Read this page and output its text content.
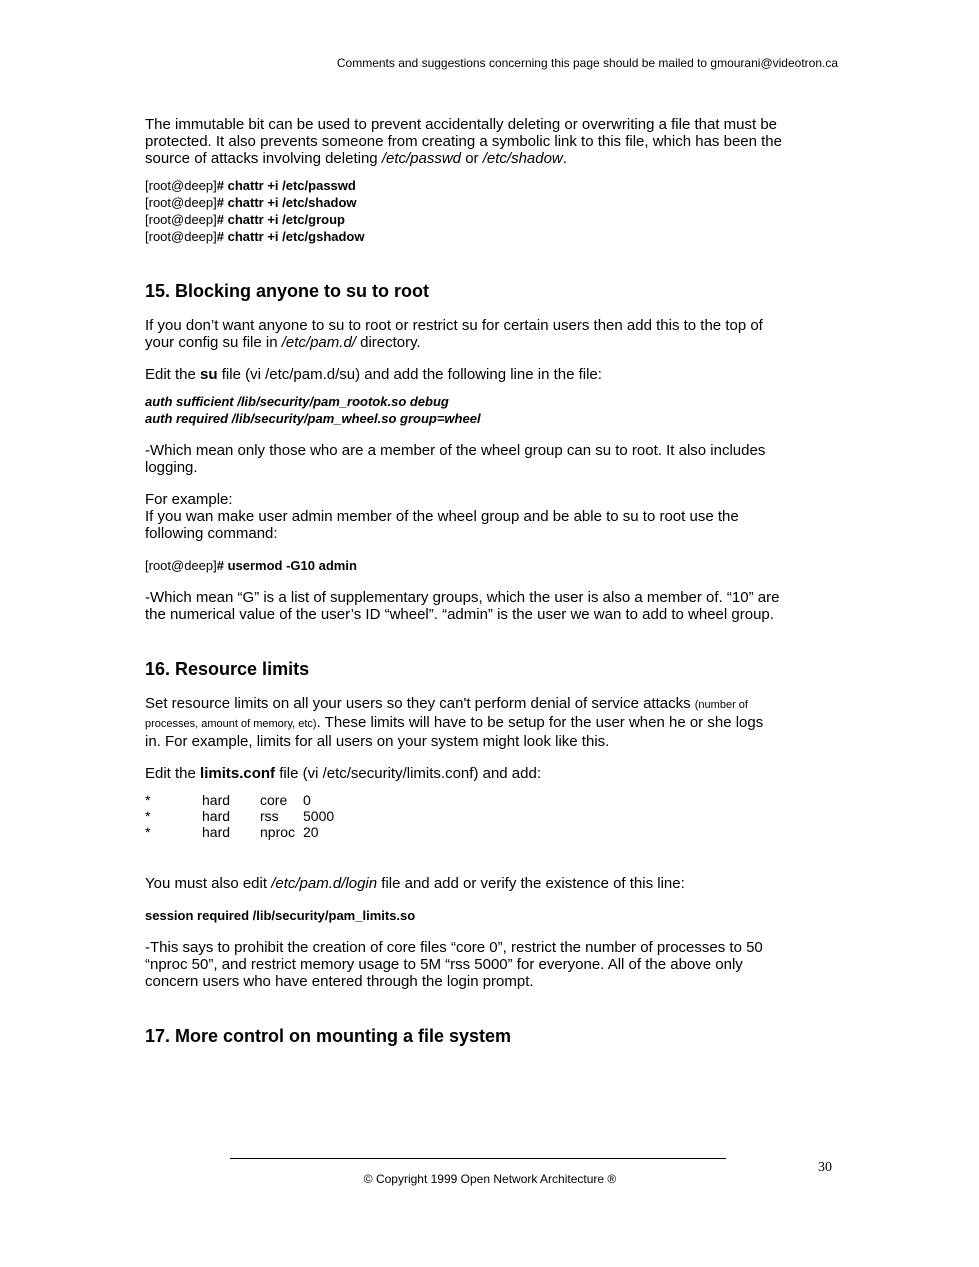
Comments and suggestions concerning this page should be mailed to gmourani@videotron.ca

The immutable bit can be used to prevent accidentally deleting or overwriting a file that must be
protected. It also prevents someone from creating a symbolic link to this file, which has been the
source of attacks involving deleting /etc/passwd or /etc/shadow.

[root@deep]# chattr +i /etc/passwd
[root@deep]# chattr +i /etc/shadow
[root@deep]# chattr +i /etc/group
[root@deep]# chattr +i /etc/gshadow
15. Blocking anyone to su to root

If you don’t want anyone to su to root or restrict su for certain users then add this to the top of
your config su file in /etc/pam.d/ directory.

Edit the su file (vi /etc/pam.d/su) and add the following line in the file:

auth sufficient /lib/security/pam_rootok.so debug
auth required /lib/security/pam_wheel.so group=wheel

-Which mean only those who are a member of the wheel group can su to root. It also includes
logging.

For example:
If you wan make user admin member of the wheel group and be able to su to root use the
following command:

[root@deep]# usermod -G10 admin

-Which mean “G” is a list of supplementary groups, which the user is also a member of. “10” are
the numerical value of the user’s ID “wheel”. “admin” is the user we wan to add to wheel group.

16. Resource limits

Set resource limits on all your users so they can't perform denial of service attacks (number of
processes, amount of memory, etc). These limits will have to be setup for the user when he or she logs
in. For example, limits for all users on your system might look like this.

Edit the limits.conf file (vi /etc/security/limits.conf) and add:

*	hard	core	0
*	hard	rss	5000
*	hard	nproc 20

You must also edit /etc/pam.d/login file and add or verify the existence of this line:

session required /lib/security/pam_limits.so

-This says to prohibit the creation of core files “core 0”, restrict the number of processes to 50
“nproc 50”, and restrict memory usage to 5M “rss 5000” for everyone. All of the above only
concern users who have entered through the login prompt.

17. More control on mounting a file system
© Copyright 1999 Open Network Architecture ®
30
